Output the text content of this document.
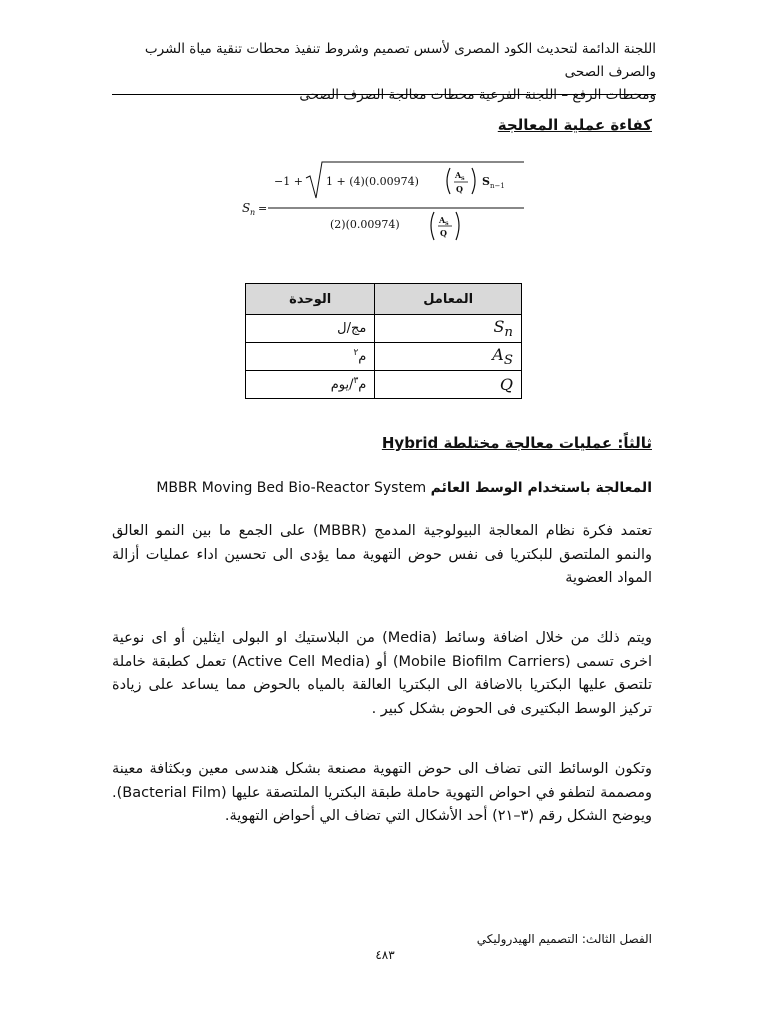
اللجنة الدائمة لتحديث الكود المصرى لأسس تصميم وشروط تنفيذ محطات تنقية مياة الشرب والصرف الصحى
ومحطات الرفع – اللجنة الفرعية محطات معالجة الصرف الصحى
كفاءة عملية المعالجة
S n =
−1 + 1 + (4)(0.00974)	A S
Q
S n−1
(2)(0.00974)	A S
Q
المعامل	الوحدة
$S_n$	مج/ل
$A_S$	م$^٢$
Q	م$^٣$/يوم
ثالثاً: عمليات معالجة مختلطة Hybrid
MBBR Moving Bed Bio-Reactor System المعالجة باستخدام الوسط العائم
تعتمد فكرة نظام المعالجة البيولوجية المدمج (MBBR) على الجمع ما بين النمو العالق والنمو الملتصق للبكتريا فى نفس حوض التهوية مما يؤدى الى تحسين اداء عمليات أزالة المواد العضوية
ويتم ذلك من خلال اضافة وسائط (Media) من البلاستيك او البولى ايثلين أو اى نوعية اخرى تسمى (Mobile Biofilm Carriers) أو (Active Cell Media) تعمل كطبقة خاملة تلتصق عليها البكتريا بالاضافة الى البكتريا العالقة بالمياه بالحوض مما يساعد على زيادة تركيز الوسط البكتيرى فى الحوض بشكل كبير .
وتكون الوسائط التى تضاف الى حوض التهوية مصنعة بشكل هندسى معين وبكثافة معينة ومصممة لتطفو في احواض التهوية حاملة طبقة البكتريا الملتصقة عليها (Bacterial Film). ويوضح الشكل رقم (٣–٢١) أحد الأشكال التي تضاف الي أحواض التهوية.
الفصل الثالث: التصميم الهيدروليكي
٤٨٣
